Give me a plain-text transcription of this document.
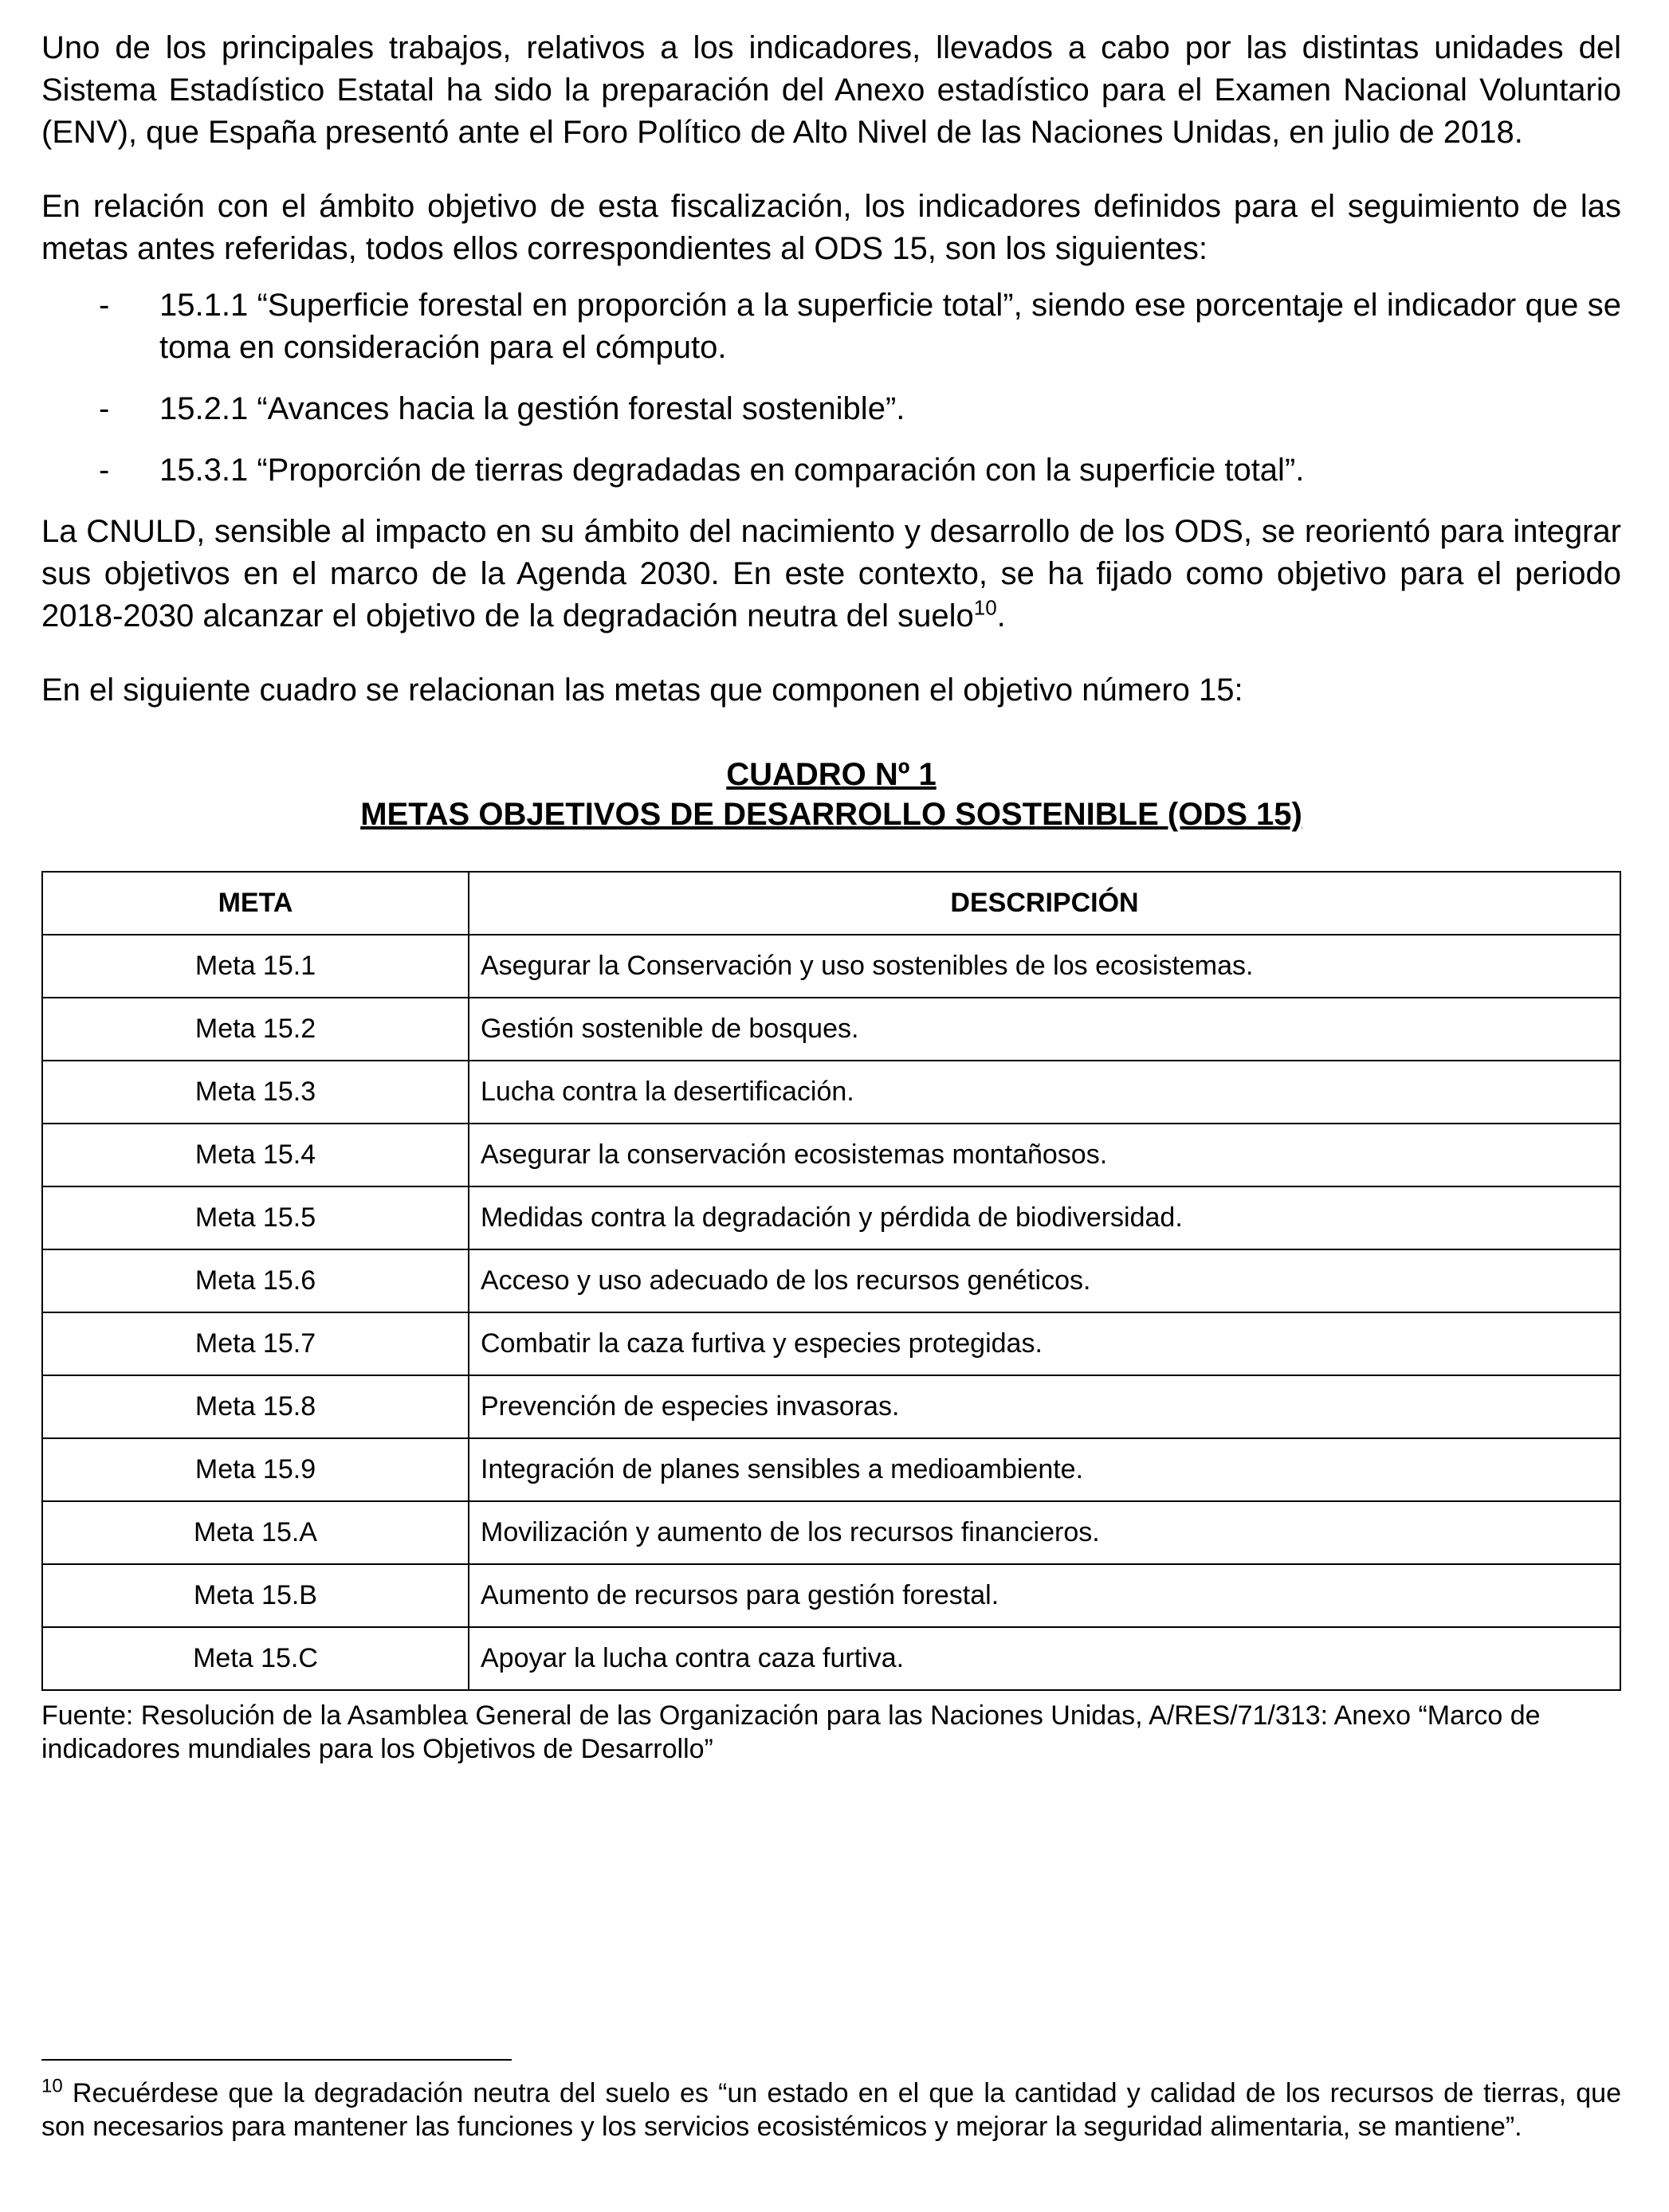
Uno de los principales trabajos, relativos a los indicadores, llevados a cabo por las distintas unidades del Sistema Estadístico Estatal ha sido la preparación del Anexo estadístico para el Examen Nacional Voluntario (ENV), que España presentó ante el Foro Político de Alto Nivel de las Naciones Unidas, en julio de 2018.

En relación con el ámbito objetivo de esta fiscalización, los indicadores definidos para el seguimiento de las metas antes referidas, todos ellos correspondientes al ODS 15, son los siguientes:

- 15.1.1 “Superficie forestal en proporción a la superficie total”, siendo ese porcentaje el indicador que se toma en consideración para el cómputo.
- 15.2.1 “Avances hacia la gestión forestal sostenible”.
- 15.3.1 “Proporción de tierras degradadas en comparación con la superficie total”.

La CNULD, sensible al impacto en su ámbito del nacimiento y desarrollo de los ODS, se reorientó para integrar sus objetivos en el marco de la Agenda 2030. En este contexto, se ha fijado como objetivo para el periodo 2018-2030 alcanzar el objetivo de la degradación neutra del suelo$^{10}$.

En el siguiente cuadro se relacionan las metas que componen el objetivo número 15:

CUADRO Nº 1
METAS OBJETIVOS DE DESARROLLO SOSTENIBLE (ODS 15)
META	DESCRIPCIÓN
Meta 15.1	Asegurar la Conservación y uso sostenibles de los ecosistemas.
Meta 15.2	Gestión sostenible de bosques.
Meta 15.3	Lucha contra la desertificación.
Meta 15.4	Asegurar la conservación ecosistemas montañosos.
Meta 15.5	Medidas contra la degradación y pérdida de biodiversidad.
Meta 15.6	Acceso y uso adecuado de los recursos genéticos.
Meta 15.7	Combatir la caza furtiva y especies protegidas.
Meta 15.8	Prevención de especies invasoras.
Meta 15.9	Integración de planes sensibles a medioambiente.
Meta 15.A	Movilización y aumento de los recursos financieros.
Meta 15.B	Aumento de recursos para gestión forestal.
Meta 15.C	Apoyar la lucha contra caza furtiva.
Fuente: Resolución de la Asamblea General de las Organización para las Naciones Unidas, A/RES/71/313: Anexo “Marco de indicadores mundiales para los Objetivos de Desarrollo”
$^{10}$ Recuérdese que la degradación neutra del suelo es “un estado en el que la cantidad y calidad de los recursos de tierras, que son necesarios para mantener las funciones y los servicios ecosistémicos y mejorar la seguridad alimentaria, se mantiene”.
